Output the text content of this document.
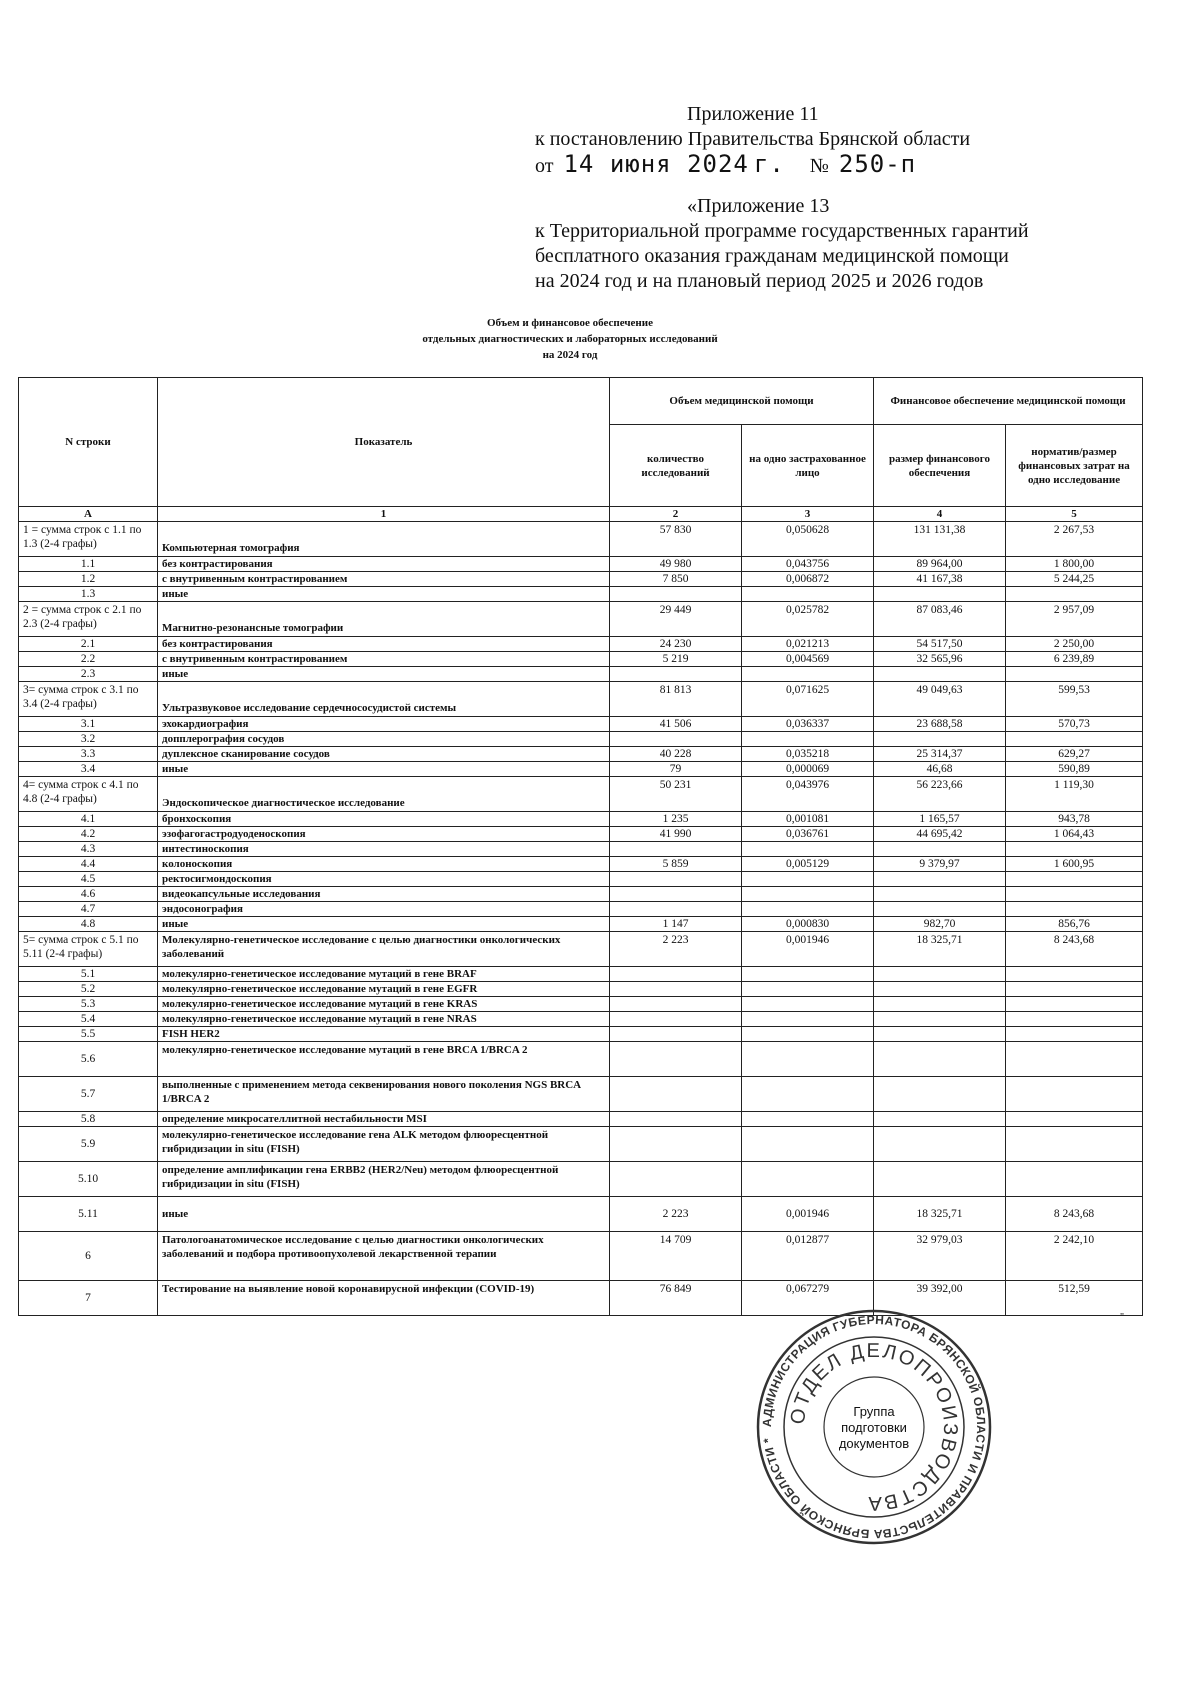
Приложение 11
к постановлению Правительства Брянской области
от 14 июня 2024 г. № 250-п
«Приложение 13
к Территориальной программе государственных гарантий
бесплатного оказания гражданам медицинской помощи
на 2024 год и на плановый период 2025 и 2026 годов
Объем и финансовое обеспечение
отдельных диагностических и лабораторных исследований
на 2024 год
N строки	Показатель	Объем медицинской помощи		Финансовое обеспечение медицинской помощи	
		количество исследований	на одно застрахованное лицо	размер финансового обеспечения	норматив/размер финансовых затрат на одно исследование
А	1	2	3	4	5
1 = сумма строк с 1.1 по 1.3 (2-4 графы)	Компьютерная томография	57 830	0,050628	131 131,38	2 267,53
1.1	без контрастирования	49 980	0,043756	89 964,00	1 800,00
1.2	с внутривенным контрастированием	7 850	0,006872	41 167,38	5 244,25
1.3	иные				
2 = сумма строк с 2.1 по 2.3 (2-4 графы)	Магнитно-резонансные томографии	29 449	0,025782	87 083,46	2 957,09
2.1	без контрастирования	24 230	0,021213	54 517,50	2 250,00
2.2	с внутривенным контрастированием	5 219	0,004569	32 565,96	6 239,89
2.3	иные				
3= сумма строк с 3.1 по 3.4 (2-4 графы)	Ультразвуковое исследование сердечнососудистой системы	81 813	0,071625	49 049,63	599,53
3.1	эхокардиография	41 506	0,036337	23 688,58	570,73
3.2	допплерография сосудов				
3.3	дуплексное сканирование сосудов	40 228	0,035218	25 314,37	629,27
3.4	иные	79	0,000069	46,68	590,89
4= сумма строк с 4.1 по 4.8 (2-4 графы)	Эндоскопическое диагностическое исследование	50 231	0,043976	56 223,66	1 119,30
4.1	бронхоскопия	1 235	0,001081	1 165,57	943,78
4.2	эзофагогастродуоденоскопия	41 990	0,036761	44 695,42	1 064,43
4.3	интестиноскопия				
4.4	колоноскопия	5 859	0,005129	9 379,97	1 600,95
4.5	ректосигмондоскопия				
4.6	видеокапсульные исследования				
4.7	эндосонография				
4.8	иные	1 147	0,000830	982,70	856,76
5= сумма строк с 5.1 по 5.11 (2-4 графы)	Молекулярно-генетическое исследование с целью диагностики онкологических заболеваний	2 223	0,001946	18 325,71	8 243,68
5.1	молекулярно-генетическое исследование мутаций в гене BRAF				
5.2	молекулярно-генетическое исследование мутаций в гене EGFR				
5.3	молекулярно-генетическое исследование мутаций в гене KRAS				
5.4	молекулярно-генетическое исследование мутаций в гене NRAS				
5.5	FISH HER2				
5.6	молекулярно-генетическое исследование мутаций в гене BRCA 1/BRCA 2				
5.7	выполненные с применением метода секвенирования нового поколения NGS BRCA 1/BRCA 2				
5.8	определение микросателлитной нестабильности MSI				
5.9	молекулярно-генетическое исследование гена ALK методом флюоресцентной гибридизации in situ (FISH)				
5.10	определение амплификации гена ERBB2 (HER2/Neu) методом флюоресцентной гибридизации in situ (FISH)				
5.11	иные	2 223	0,001946	18 325,71	8 243,68
6	Патологоанатомическое исследование с целью диагностики онкологических заболеваний и подбора противоопухолевой лекарственной терапии	14 709	0,012877	32 979,03	2 242,10
7	Тестирование на выявление новой коронавирусной инфекции (COVID-19)	76 849	0,067279	39 392,00	512,59
"
АДМИНИСТРАЦИЯ ГУБЕРНАТОРА БРЯНСКОЙ ОБЛАСТИ И ПРАВИТЕЛЬСТВА БРЯНСКОЙ ОБЛАСТИ *
ОТДЕЛ ДЕЛОПРОИЗВОДСТВА
Группа
подготовки
документов
